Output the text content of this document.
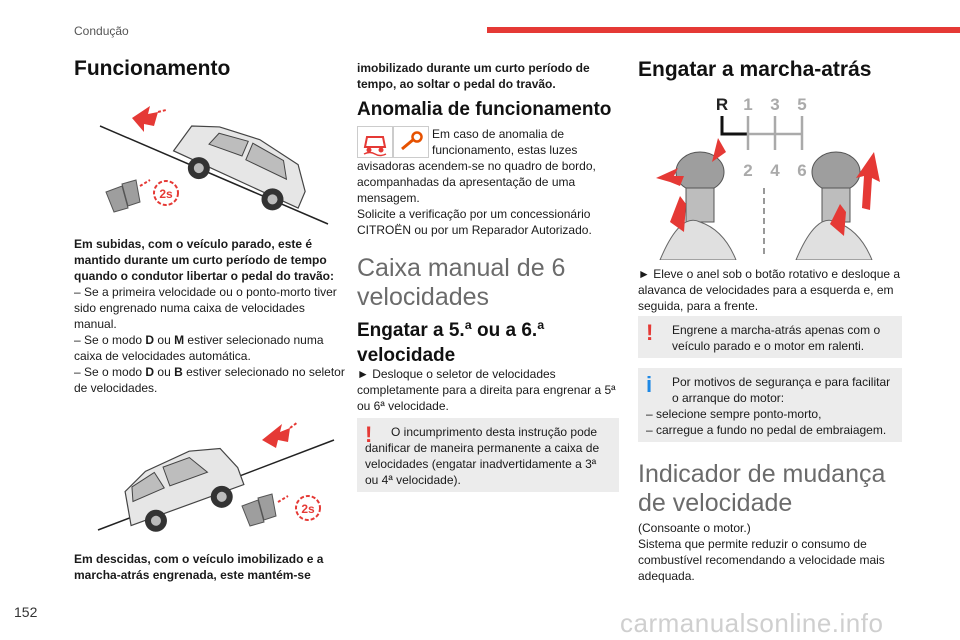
Condução
Funcionamento
2s
Em subidas, com o veículo parado, este é mantido durante um curto período de tempo quando o condutor libertar o pedal do travão:
– Se a primeira velocidade ou o ponto-morto tiver sido engrenado numa caixa de velocidades manual.
– Se o modo D ou M estiver selecionado numa caixa de velocidades automática.
– Se o modo D ou B estiver selecionado no seletor de velocidades.
2s
Em descidas, com o veículo imobilizado e a marcha-atrás engrenada, este mantém-se
imobilizado durante um curto período de tempo, ao soltar o pedal do travão.
Anomalia de funcionamento
Em caso de anomalia de funcionamento, estas luzes
avisadoras acendem-se no quadro de bordo, acompanhadas da apresentação de uma mensagem.
Solicite a verificação por um concessionário CITROËN ou por um Reparador Autorizado.
Caixa manual de 6 velocidades
Engatar a 5.ª ou a 6.ª velocidade
► Desloque o seletor de velocidades completamente para a direita para engrenar a 5ª ou 6ª velocidade.
!	O incumprimento desta instrução pode danificar de maneira permanente a caixa de velocidades (engatar inadvertidamente a 3ª ou 4ª velocidade).
Engatar a marcha-atrás
R 1 3 5
2 4 6
► Eleve o anel sob o botão rotativo e desloque a alavanca de velocidades para a esquerda e, em seguida, para a frente.
!	Engrene a marcha-atrás apenas com o veículo parado e o motor em ralenti.
i	Por motivos de segurança e para facilitar o arranque do motor:
– selecione sempre ponto-morto,
– carregue a fundo no pedal de embraiagem.
Indicador de mudança de velocidade
(Consoante o motor.)
Sistema que permite reduzir o consumo de combustível recomendando a velocidade mais adequada.
152	carmanualsonline.info
